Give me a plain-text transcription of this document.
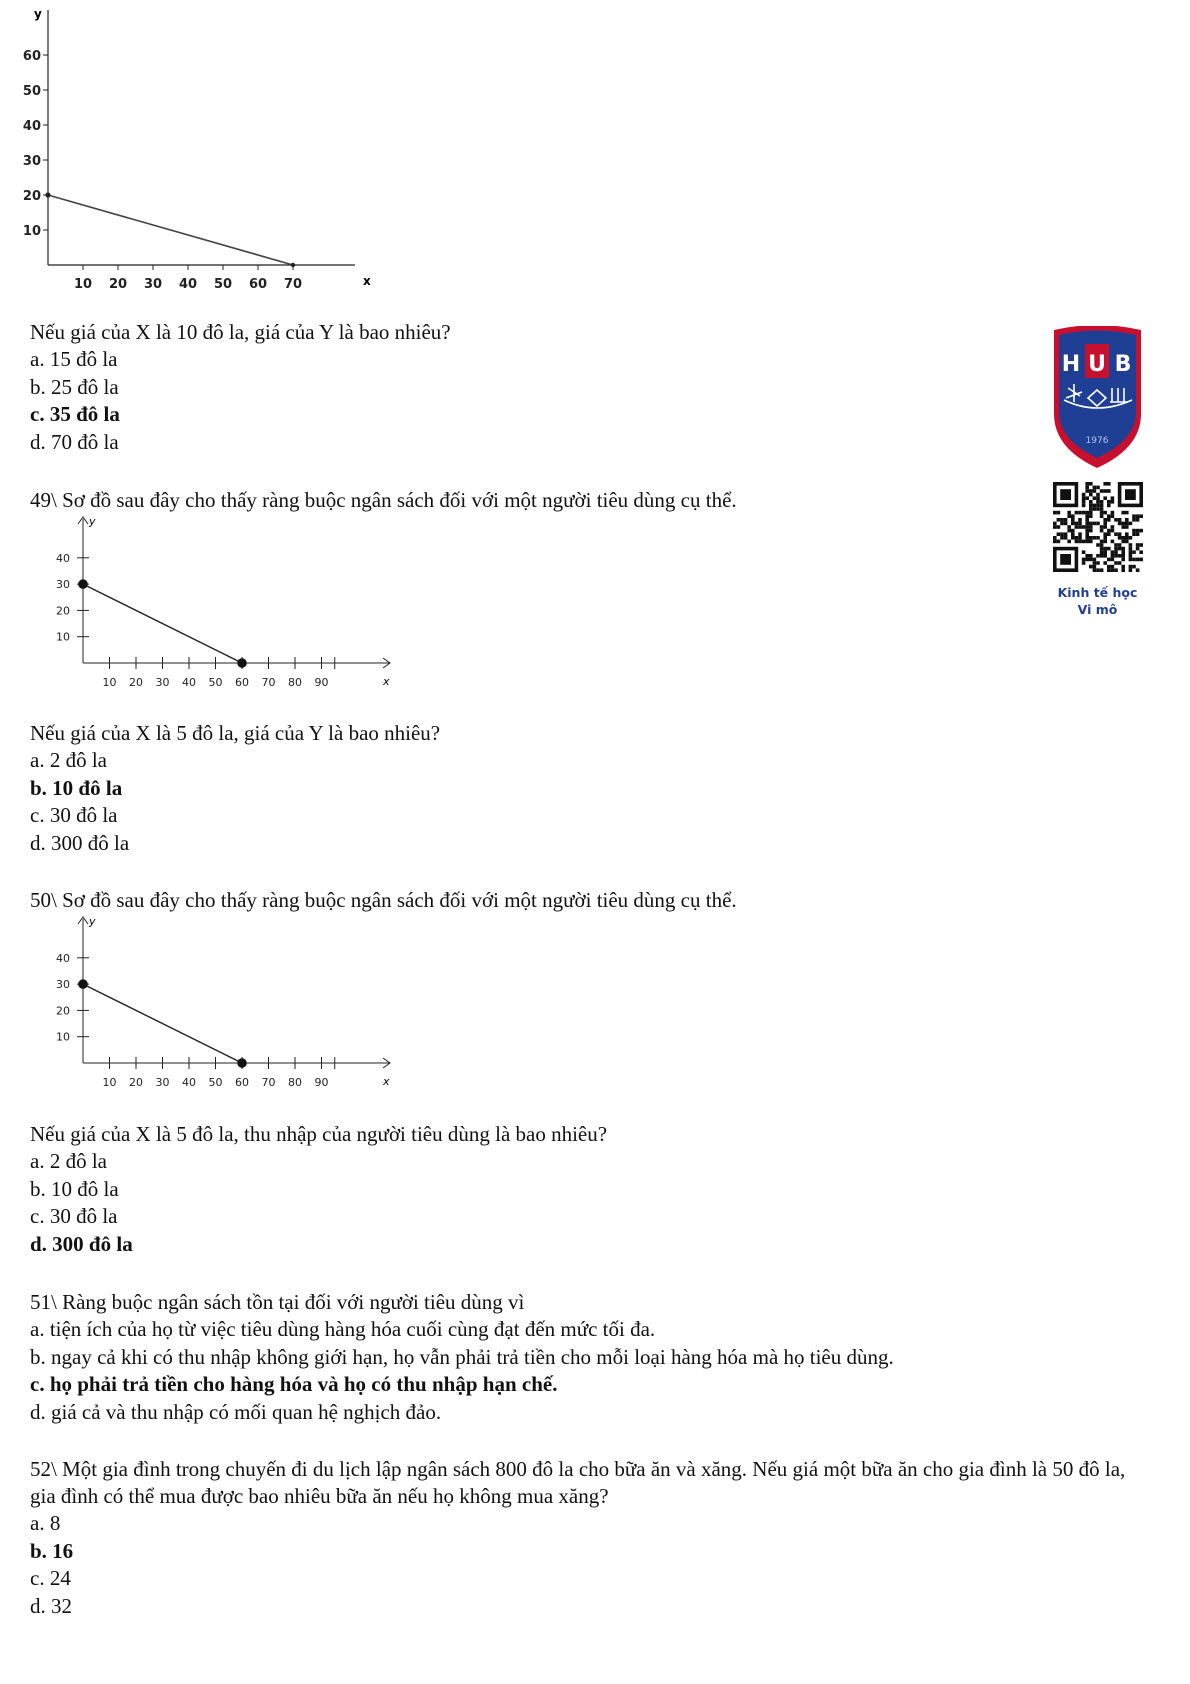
10 20 30 40 50 60 70
10
20
30
40
50
60
y
x

Nếu giá của X là 10 đô la, giá của Y là bao nhiêu?

a. 15 đô la

b. 25 đô la

c. 35 đô la

d. 70 đô la

49\ Sơ đồ sau đây cho thấy ràng buộc ngân sách đối với một người tiêu dùng cụ thể.

10 20 30 40 50 60 70 80 90
10
20
30
40
y
x

Nếu giá của X là 5 đô la, giá của Y là bao nhiêu?

a. 2 đô la

b. 10 đô la

c. 30 đô la

d. 300 đô la

50\ Sơ đồ sau đây cho thấy ràng buộc ngân sách đối với một người tiêu dùng cụ thể.

10 20 30 40 50 60 70 80 90
10
20
30
40
y
x

Nếu giá của X là 5 đô la, thu nhập của người tiêu dùng là bao nhiêu?

a. 2 đô la

b. 10 đô la

c. 30 đô la

d. 300 đô la

51\ Ràng buộc ngân sách tồn tại đối với người tiêu dùng vì

a. tiện ích của họ từ việc tiêu dùng hàng hóa cuối cùng đạt đến mức tối đa.

b. ngay cả khi có thu nhập không giới hạn, họ vẫn phải trả tiền cho mỗi loại hàng hóa mà họ tiêu dùng.

c. họ phải trả tiền cho hàng hóa và họ có thu nhập hạn chế.

d. giá cả và thu nhập có mối quan hệ nghịch đảo.

52\ Một gia đình trong chuyến đi du lịch lập ngân sách 800 đô la cho bữa ăn và xăng. Nếu giá một bữa ăn cho gia đình là 50 đô la, gia đình có thể mua được bao nhiêu bữa ăn nếu họ không mua xăng?

a. 8

b. 16

c. 24

d. 32

H U B
1976
Kinh tế học
Vi mô
